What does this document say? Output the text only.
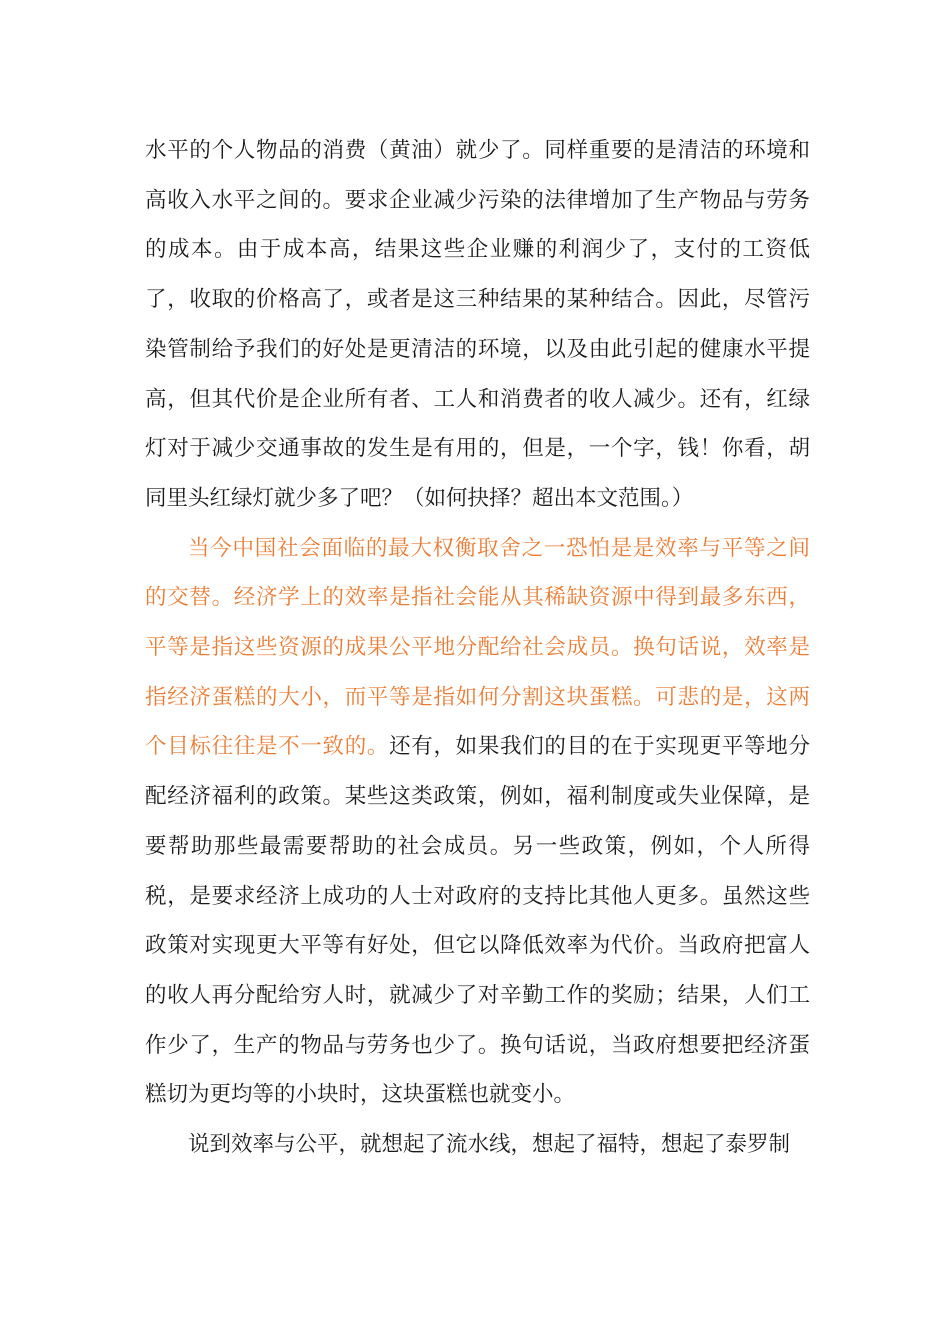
水平的个人物品的消费（黄油）就少了。同样重要的是清洁的环境和高收入水平之间的。要求企业减少污染的法律增加了生产物品与劳务的成本。由于成本高，结果这些企业赚的利润少了，支付的工资低了，收取的价格高了，或者是这三种结果的某种结合。因此，尽管污染管制给予我们的好处是更清洁的环境，以及由此引起的健康水平提高，但其代价是企业所有者、工人和消费者的收人减少。还有，红绿灯对于减少交通事故的发生是有用的，但是，一个字，钱！你看，胡同里头红绿灯就少多了吧？（如何抉择？超出本文范围。）

当今中国社会面临的最大权衡取舍之一恐怕是是效率与平等之间的交替。经济学上的效率是指社会能从其稀缺资源中得到最多东西，平等是指这些资源的成果公平地分配给社会成员。换句话说，效率是指经济蛋糕的大小，而平等是指如何分割这块蛋糕。可悲的是，这两个目标往往是不一致的。还有，如果我们的目的在于实现更平等地分配经济福利的政策。某些这类政策，例如，福利制度或失业保障，是要帮助那些最需要帮助的社会成员。另一些政策，例如，个人所得税，是要求经济上成功的人士对政府的支持比其他人更多。虽然这些政策对实现更大平等有好处，但它以降低效率为代价。当政府把富人的收人再分配给穷人时，就减少了对辛勤工作的奖励；结果，人们工作少了，生产的物品与劳务也少了。换句话说，当政府想要把经济蛋糕切为更均等的小块时，这块蛋糕也就变小。

说到效率与公平，就想起了流水线，想起了福特，想起了泰罗制
